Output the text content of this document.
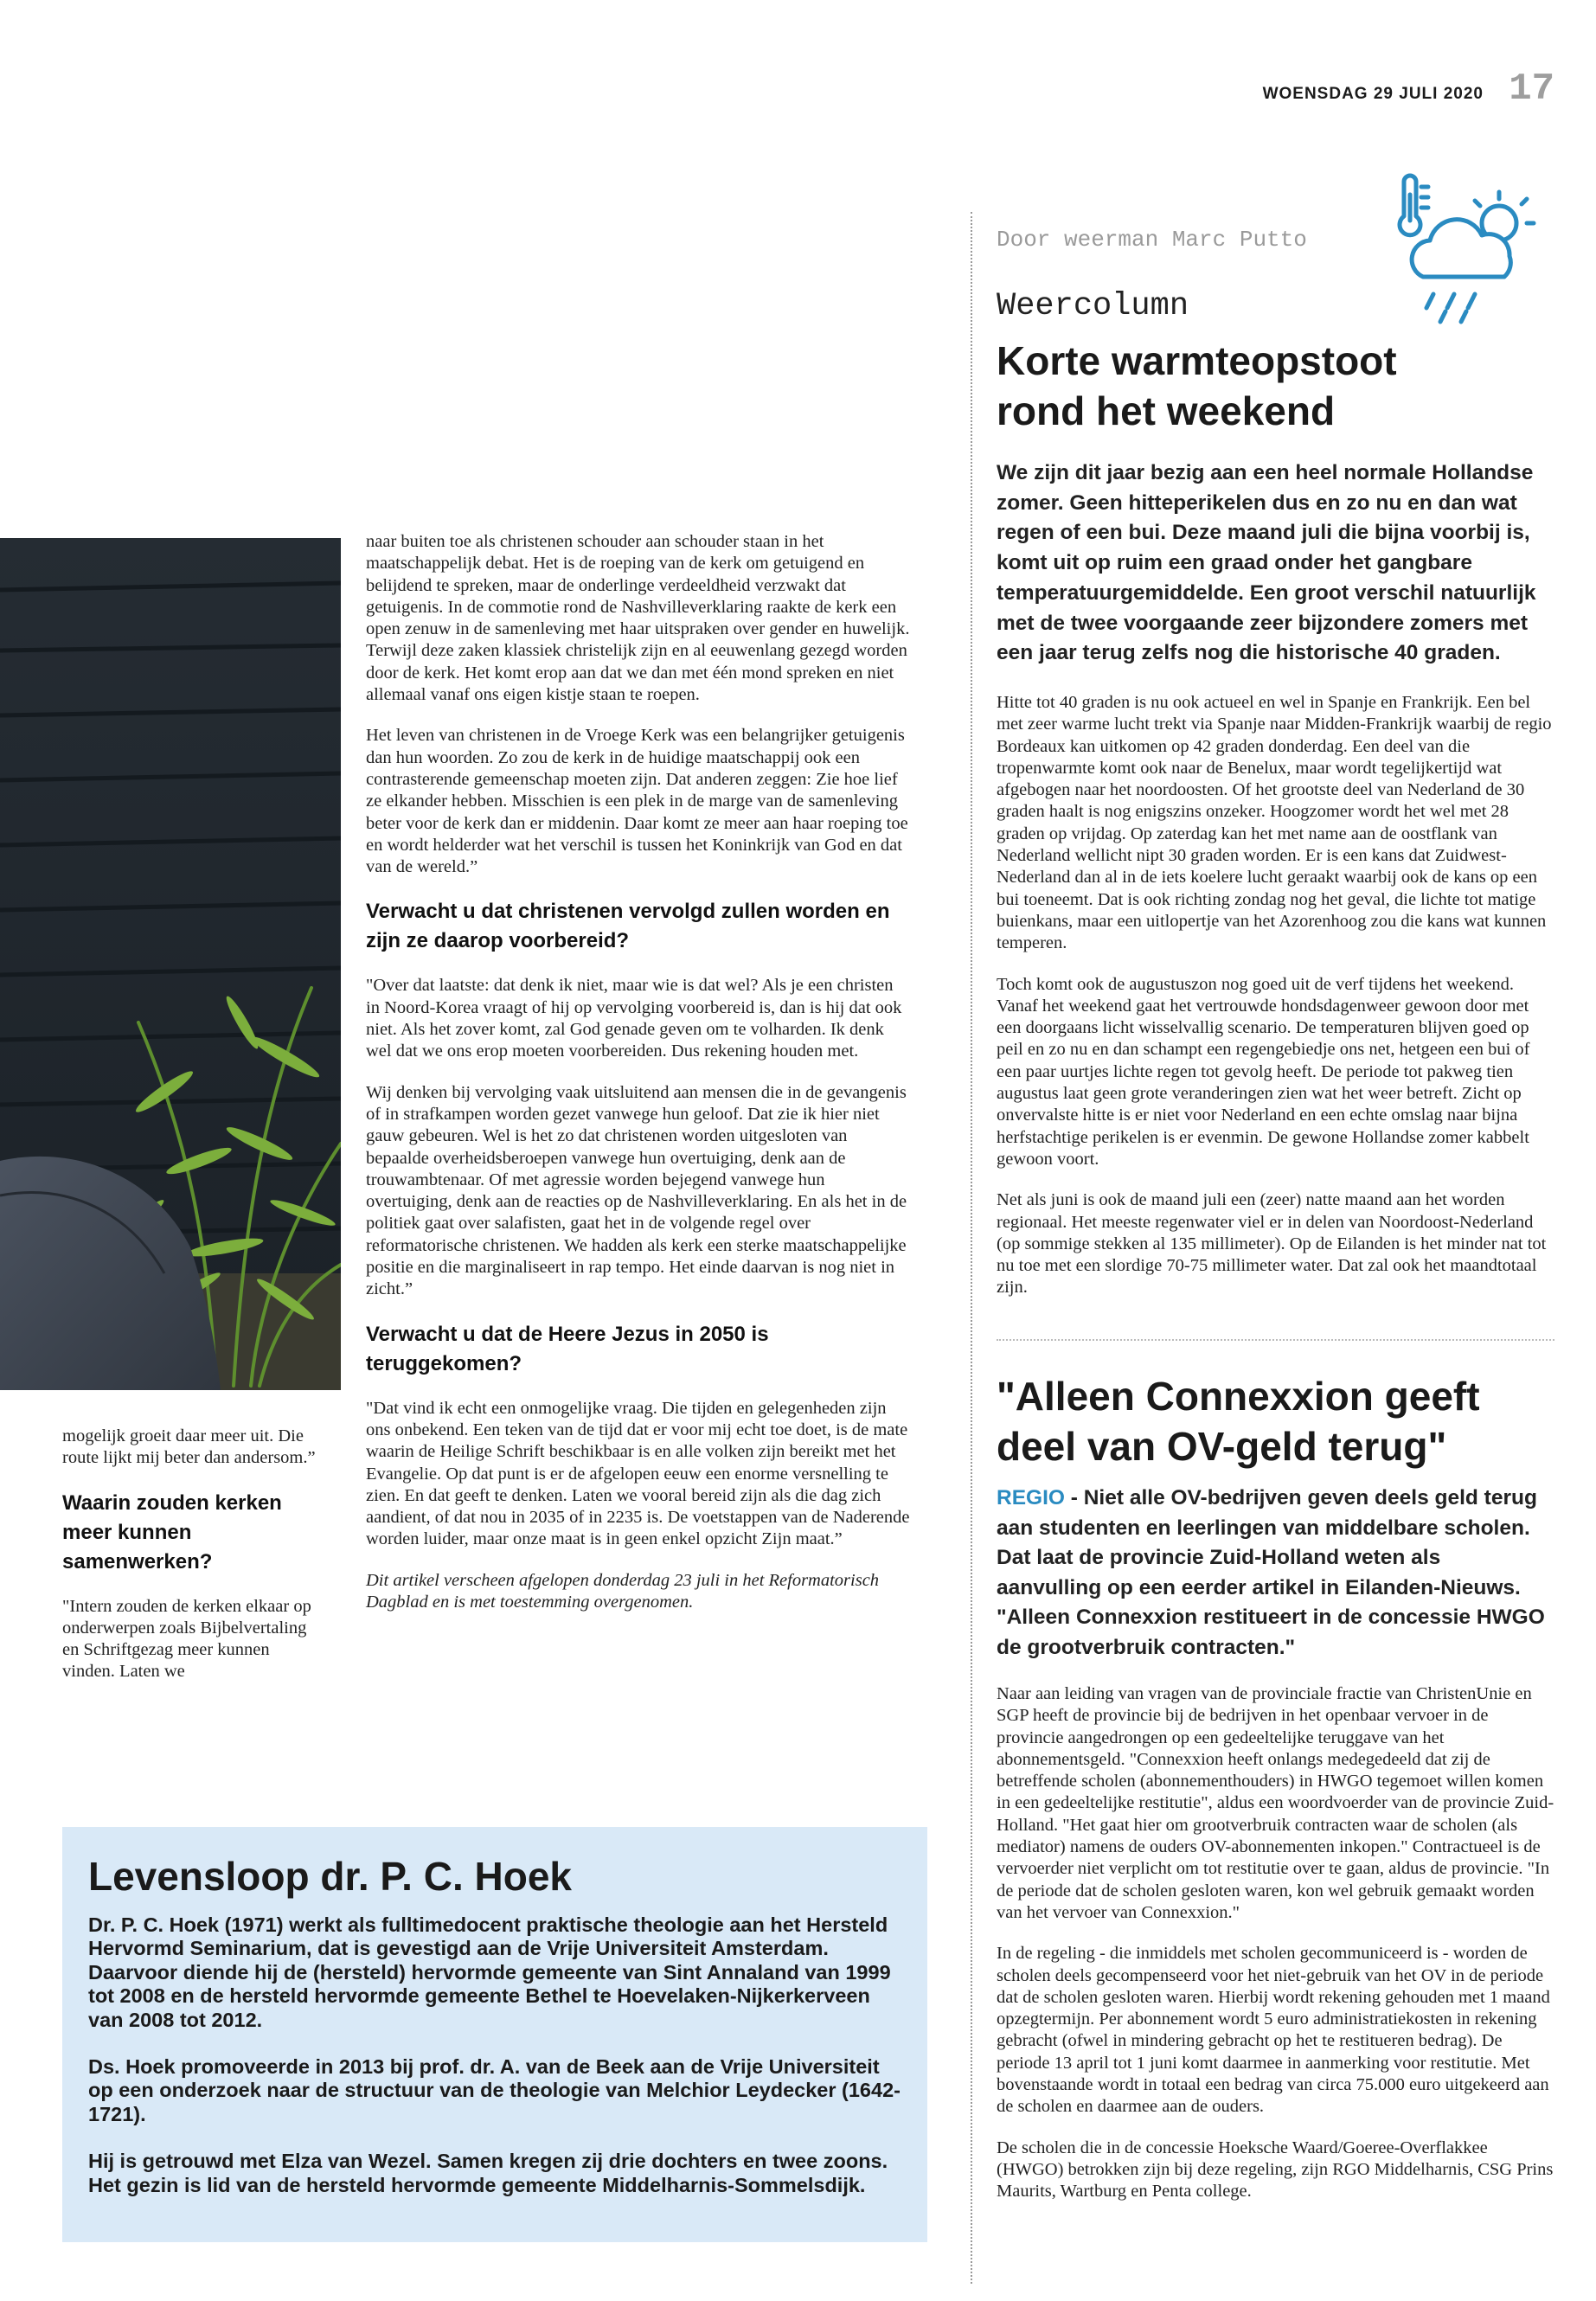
WOENSDAG 29 JULI 2020 17

mogelijk groeit daar meer uit. Die route lijkt mij beter dan andersom.”

Waarin zouden kerken meer kunnen samenwerken?

"Intern zouden de kerken elkaar op onderwerpen zoals Bijbelvertaling en Schriftgezag meer kunnen vinden. Laten we

naar buiten toe als christenen schouder aan schouder staan in het maatschappelijk debat. Het is de roeping van de kerk om getuigend en belijdend te spreken, maar de onderlinge verdeeldheid verzwakt dat getuigenis. In de commotie rond de Nashvilleverklaring raakte de kerk een open zenuw in de samenleving met haar uitspraken over gender en huwelijk. Terwijl deze zaken klassiek christelijk zijn en al eeuwenlang gezegd worden door de kerk. Het komt erop aan dat we dan met één mond spreken en niet allemaal vanaf ons eigen kistje staan te roepen.

Het leven van christenen in de Vroege Kerk was een belangrijker getuigenis dan hun woorden. Zo zou de kerk in de huidige maatschappij ook een contrasterende gemeenschap moeten zijn. Dat anderen zeggen: Zie hoe lief ze elkander hebben. Misschien is een plek in de marge van de samenleving beter voor de kerk dan er middenin. Daar komt ze meer aan haar roeping toe en wordt helderder wat het verschil is tussen het Koninkrijk van God en dat van de wereld.”

Verwacht u dat christenen vervolgd zullen worden en zijn ze daarop voorbereid?

"Over dat laatste: dat denk ik niet, maar wie is dat wel? Als je een christen in Noord-Korea vraagt of hij op vervolging voorbereid is, dan is hij dat ook niet. Als het zover komt, zal God genade geven om te volharden. Ik denk wel dat we ons erop moeten voorbereiden. Dus rekening houden met.

Wij denken bij vervolging vaak uitsluitend aan mensen die in de gevangenis of in strafkampen worden gezet vanwege hun geloof. Dat zie ik hier niet gauw gebeuren. Wel is het zo dat christenen worden uitgesloten van bepaalde overheidsberoepen vanwege hun overtuiging, denk aan de trouwambtenaar. Of met agressie worden bejegend vanwege hun overtuiging, denk aan de reacties op de Nashvilleverklaring. En als het in de politiek gaat over salafisten, gaat het in de volgende regel over reformatorische christenen. We hadden als kerk een sterke maatschappelijke positie en die marginaliseert in rap tempo. Het einde daarvan is nog niet in zicht.”

Verwacht u dat de Heere Jezus in 2050 is teruggekomen?

"Dat vind ik echt een onmogelijke vraag. Die tijden en gelegenheden zijn ons onbekend. Een teken van de tijd dat er voor mij echt toe doet, is de mate waarin de Heilige Schrift beschikbaar is en alle volken zijn bereikt met het Evangelie. Op dat punt is er de afgelopen eeuw een enorme versnelling te zien. En dat geeft te denken. Laten we vooral bereid zijn als die dag zich aandient, of dat nou in 2035 of in 2235 is. De voetstappen van de Naderende worden luider, maar onze maat is in geen enkel opzicht Zijn maat.”

Dit artikel verscheen afgelopen donderdag 23 juli in het Reformatorisch Dagblad en is met toestemming overgenomen.

Door weerman Marc Putto
Weercolumn
Korte warmteopstoot rond het weekend
We zijn dit jaar bezig aan een heel normale Hollandse zomer. Geen hitteperikelen dus en zo nu en dan wat regen of een bui. Deze maand juli die bijna voorbij is, komt uit op ruim een graad onder het gangbare temperatuurgemiddelde. Een groot verschil natuurlijk met de twee voorgaande zeer bijzondere zomers met een jaar terug zelfs nog die historische 40 graden.

Hitte tot 40 graden is nu ook actueel en wel in Spanje en Frankrijk. Een bel met zeer warme lucht trekt via Spanje naar Midden-Frankrijk waarbij de regio Bordeaux kan uitkomen op 42 graden donderdag. Een deel van die tropenwarmte komt ook naar de Benelux, maar wordt tegelijkertijd wat afgebogen naar het noordoosten. Of het grootste deel van Nederland de 30 graden haalt is nog enigszins onzeker. Hoogzomer wordt het wel met 28 graden op vrijdag. Op zaterdag kan het met name aan de oostflank van Nederland wellicht nipt 30 graden worden. Er is een kans dat Zuidwest-Nederland dan al in de iets koelere lucht geraakt waarbij ook de kans op een bui toeneemt. Dat is ook richting zondag nog het geval, die lichte tot matige buienkans, maar een uitlopertje van het Azorenhoog zou die kans wat kunnen temperen.

Toch komt ook de augustuszon nog goed uit de verf tijdens het weekend. Vanaf het weekend gaat het vertrouwde hondsdagenweer gewoon door met een doorgaans licht wisselvallig scenario. De temperaturen blijven goed op peil en zo nu en dan schampt een regengebiedje ons net, hetgeen een bui of een paar uurtjes lichte regen tot gevolg heeft. De periode tot pakweg tien augustus laat geen grote veranderingen zien wat het weer betreft. Zicht op onvervalste hitte is er niet voor Nederland en een echte omslag naar bijna herfstachtige perikelen is er evenmin. De gewone Hollandse zomer kabbelt gewoon voort.

Net als juni is ook de maand juli een (zeer) natte maand aan het worden regionaal. Het meeste regenwater viel er in delen van Noordoost-Nederland (op sommige stekken al 135 millimeter). Op de Eilanden is het minder nat tot nu toe met een slordige 70-75 millimeter water. Dat zal ook het maandtotaal zijn.

"Alleen Connexxion geeft deel van OV-geld terug"
REGIO - Niet alle OV-bedrijven geven deels geld terug aan studenten en leerlingen van middelbare scholen. Dat laat de provincie Zuid-Holland weten als aanvulling op een eerder artikel in Eilanden-Nieuws. "Alleen Connexxion restitueert in de concessie HWGO de grootverbruik contracten."

Naar aan leiding van vragen van de provinciale fractie van ChristenUnie en SGP heeft de provincie bij de bedrijven in het openbaar vervoer in de provincie aangedrongen op een gedeeltelijke teruggave van het abonnementsgeld. "Connexxion heeft onlangs medegedeeld dat zij de betreffende scholen (abonnementhouders) in HWGO tegemoet willen komen in een gedeeltelijke restitutie", aldus een woordvoerder van de provincie Zuid-Holland. "Het gaat hier om grootverbruik contracten waar de scholen (als mediator) namens de ouders OV-abonnementen inkopen." Contractueel is de vervoerder niet verplicht om tot restitutie over te gaan, aldus de provincie. "In de periode dat de scholen gesloten waren, kon wel gebruik gemaakt worden van het vervoer van Connexxion."

In de regeling - die inmiddels met scholen gecommuniceerd is - worden de scholen deels gecompenseerd voor het niet-gebruik van het OV in de periode dat de scholen gesloten waren. Hierbij wordt rekening gehouden met 1 maand opzegtermijn. Per abonnement wordt 5 euro administratiekosten in rekening gebracht (ofwel in mindering gebracht op het te restitueren bedrag). De periode 13 april tot 1 juni komt daarmee in aanmerking voor restitutie. Met bovenstaande wordt in totaal een bedrag van circa 75.000 euro uitgekeerd aan de scholen en daarmee aan de ouders.

De scholen die in de concessie Hoeksche Waard/Goeree-Overflakkee (HWGO) betrokken zijn bij deze regeling, zijn RGO Middelharnis, CSG Prins Maurits, Wartburg en Penta college.

Levensloop dr. P. C. Hoek

Dr. P. C. Hoek (1971) werkt als fulltimedocent praktische theologie aan het Hersteld Hervormd Seminarium, dat is gevestigd aan de Vrije Universiteit Amsterdam. Daarvoor diende hij de (hersteld) hervormde gemeente van Sint Annaland van 1999 tot 2008 en de hersteld hervormde gemeente Bethel te Hoevelaken-Nijkerkerveen van 2008 tot 2012.

Ds. Hoek promoveerde in 2013 bij prof. dr. A. van de Beek aan de Vrije Universiteit op een onderzoek naar de structuur van de theologie van Melchior Leydecker (1642-1721).

Hij is getrouwd met Elza van Wezel. Samen kregen zij drie dochters en twee zoons. Het gezin is lid van de hersteld hervormde gemeente Middelharnis-Sommelsdijk.
